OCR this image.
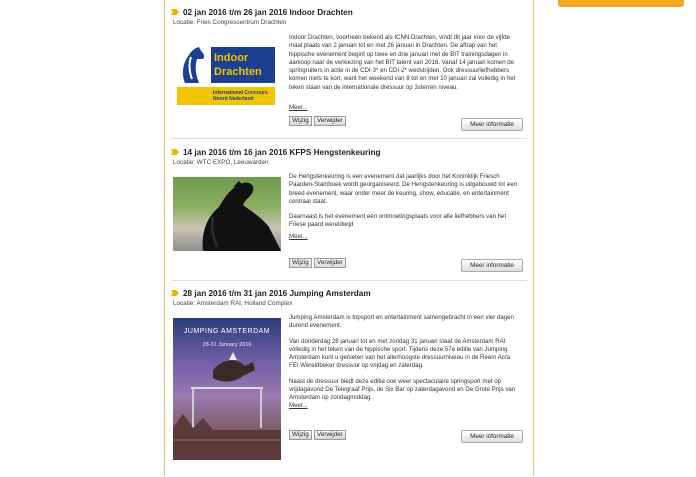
02 jan 2016 t/m 26 jan 2016 Indoor Drachten
Locatie: Fries Congrescentrum Drachten
Indoor Drachten
International Concours Noord Nederland

Indoor Drachten, voorheen bekend als ICNN Drachten, vindt dit jaar voor de vijfde maal plaats van 2 januari tot en met 26 januari in Drachten. De aftrap van het hippische evenement begint op twee en drie januari met de BIT trainingsdagen in aanloop naar de verkiezing van het BIT talent van 2016. Vanaf 14 januari komen de springruiters in actie in de CDI-3* en CDI-2* wedstrijden. Ook dressuurliefhebbers komen niets te kort, want het weekend van 8 tot en met 10 januari zal volledig in het teken staan van de internationale dressuur op 3sterren niveau.

Meer...
Wijzig	Verwijder
Meer informatie
14 jan 2016 t/m 16 jan 2016 KFPS Hengstenkeuring
Locatie: WTC EXPO, Leeuwarden

De Hengstenkeuring is een evenement dat jaarlijks door het Koninklijk Friesch Paarden-Stamboek wordt georganiseerd. De Hengstenkeuring is uitgebouwd tot een breed evenement, waar onder meer de keuring, show, educatie, en entertainment centraal staat.

Daarnaast is het evenement een ontmoetingsplaats voor alle liefhebbers van het Friese paard wereldwijd

Meer...
Wijzig	Verwijder	Meer informatie
28 jan 2016 t/m 31 jan 2016 Jumping Amsterdam
Locatie: Amsterdam RAI, Holland Complex
JUMPING AMSTERDAM
28-31 January 2016

Jumping Amsterdam is topsport en entertainment samengebracht in een vier dagen durend evenement.

Van donderdag 28 januari tot en met zondag 31 januari staat de Amsterdam RAI volledig in het teken van de hippische sport. Tijdens deze 57e editie van Jumping Amsterdam kunt u genieten van het allerhoogste dressuurniveau in de Reem Acra FEI Wereldbeker dressuur op vrijdag en zaterdag.

Naast de dressuur biedt deze editie ook weer spectaculaire springsport met op vrijdagavond De Telegraaf Prijs, de Six Bar op zaterdagavond en De Grote Prijs van Amsterdam op zondagmiddag.

Meer...
Wijzig	Verwijder	Meer informatie
